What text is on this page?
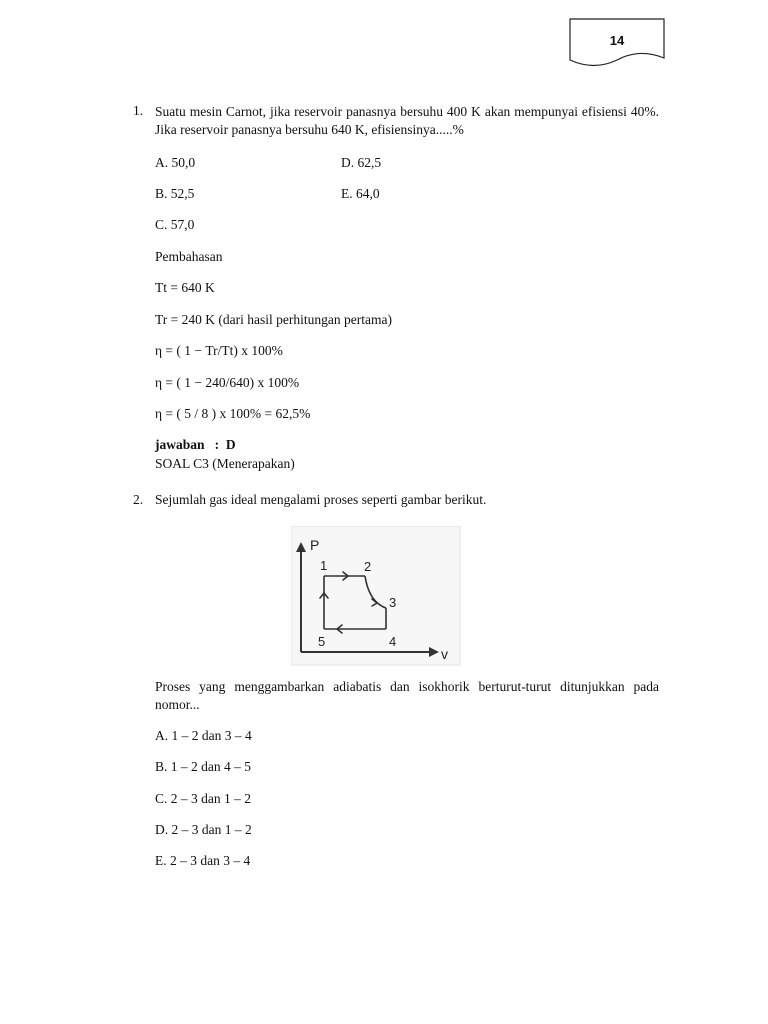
14
1. Suatu mesin Carnot, jika reservoir panasnya bersuhu 400 K akan mempunyai efisiensi 40%. Jika reservoir panasnya bersuhu 640 K, efisiensinya.....%
A. 50,0	D. 62,5
B. 52,5	E. 64,0
C. 57,0
Pembahasan
Tt = 640 K
Tr = 240 K (dari hasil perhitungan pertama)
η = ( 1 − Tr/Tt) x 100%
η = ( 1 − 240/640) x 100%
η = ( 5 / 8 ) x 100% = 62,5%
jawaban   :  D
SOAL C3 (Menerapakan)
2. Sejumlah gas ideal mengalami proses seperti gambar berikut.
P
v
1	2
3
4
5
Proses yang menggambarkan adiabatis dan isokhorik berturut-turut ditunjukkan pada nomor...
A. 1 – 2 dan 3 – 4
B. 1 – 2 dan 4 – 5
C. 2 – 3 dan 1 – 2
D. 2 – 3 dan 1 – 2
E. 2 – 3 dan 3 – 4
